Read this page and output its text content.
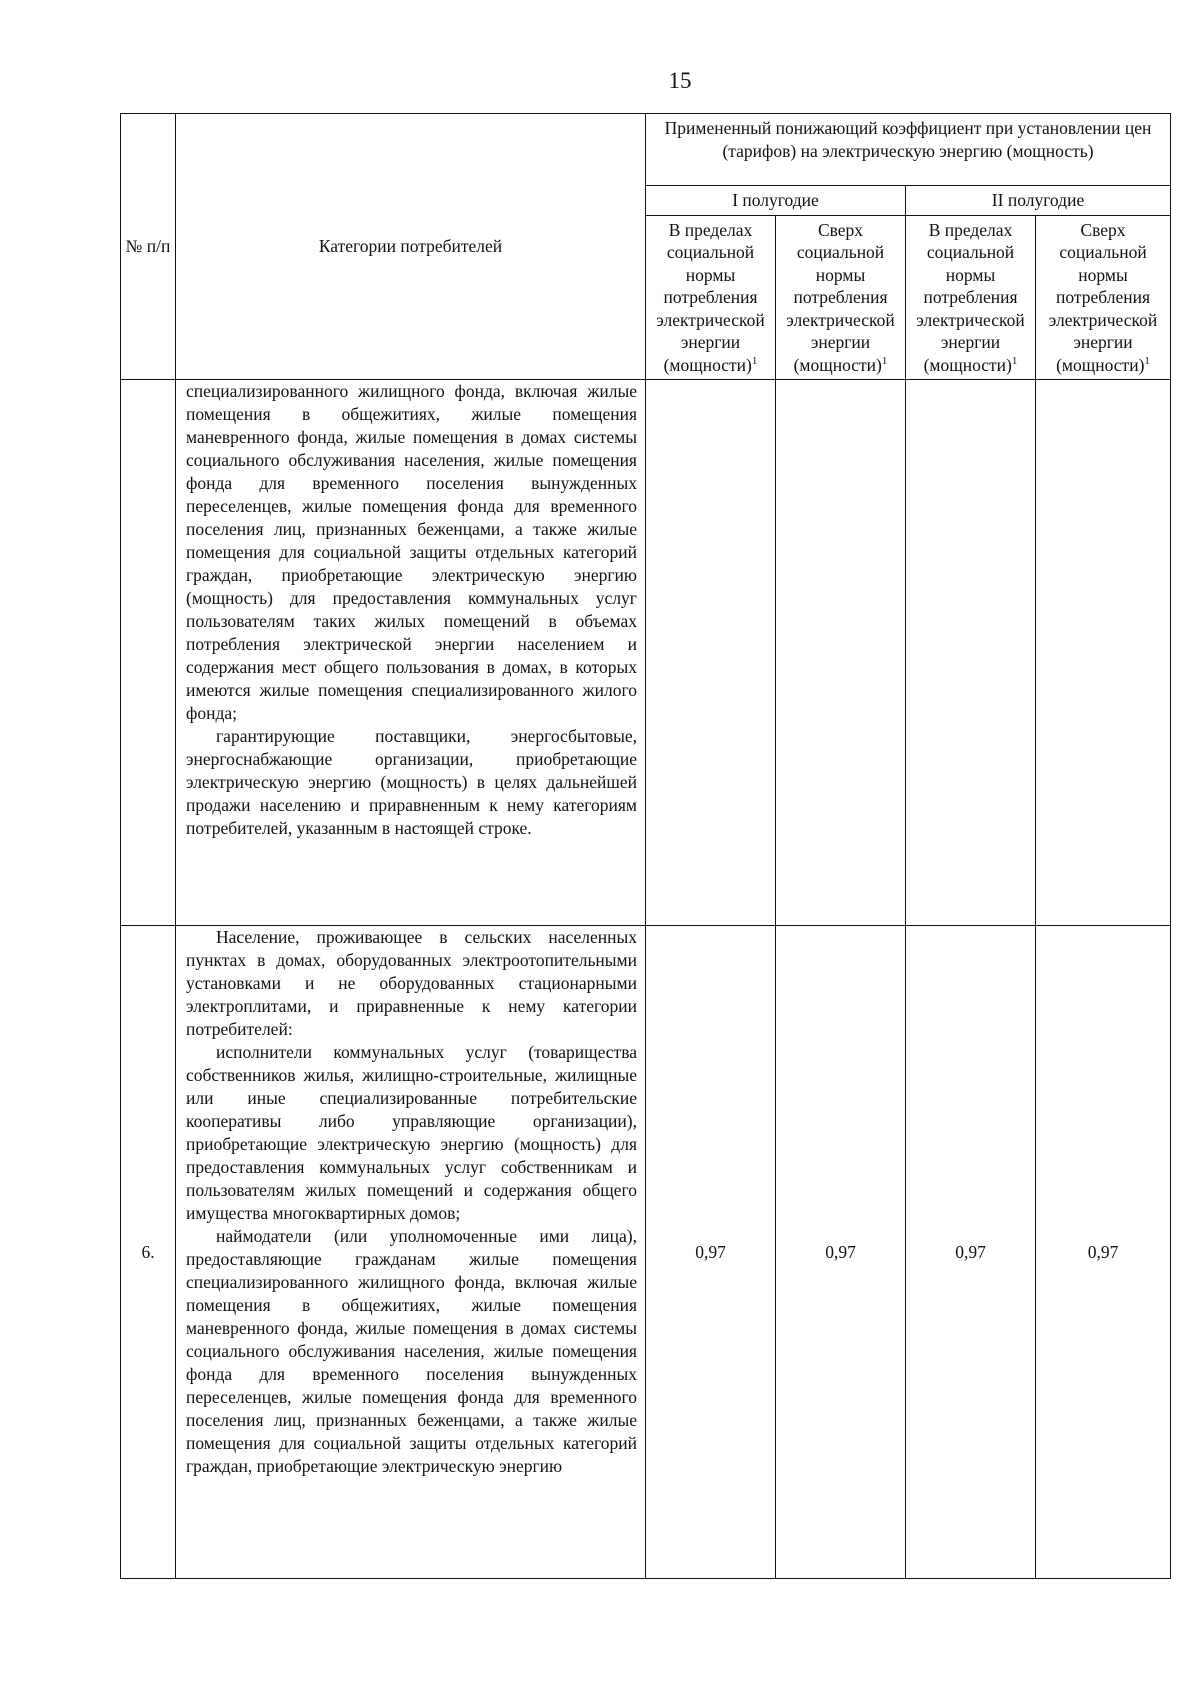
15
№ п/п	Категории потребителей	Примененный понижающий коэффициент при установлении цен (тарифов) на электрическую энергию (мощность)			
		I полугодие		II полугодие	
		В пределах социальной нормы потребления электрической энергии (мощности)$^1$	Сверх социальной нормы потребления электрической энергии (мощности)$^1$	В пределах социальной нормы потребления электрической энергии (мощности)$^1$	Сверх социальной нормы потребления электрической энергии (мощности)$^1$

	специализированного жилищного фонда, включая жилые помещения в общежитиях, жилые помещения маневренного фонда, жилые помещения в домах системы социального обслуживания населения, жилые помещения фонда для временного поселения вынужденных переселенцев, жилые помещения фонда для временного поселения лиц, признанных беженцами, а также жилые помещения для социальной защиты отдельных категорий граждан, приобретающие электрическую энергию (мощность) для предоставления коммунальных услуг пользователям таких жилых помещений в объемах потребления электрической энергии населением и содержания мест общего пользования в домах, в которых имеются жилые помещения специализированного жилого фонда;

гарантирующие поставщики, энергосбытовые, энергоснабжающие организации, приобретающие электрическую энергию (мощность) в целях дальнейшей продажи населению и приравненным к нему категориям потребителей, указанным в настоящей строке.				

6.	Население, проживающее в сельских населенных пунктах в домах, оборудованных электроотопительными установками и не оборудованных стационарными электроплитами, и приравненные к нему категории потребителей:

исполнители коммунальных услуг (товарищества собственников жилья, жилищно-строительные, жилищные или иные специализированные потребительские кооперативы либо управляющие организации), приобретающие электрическую энергию (мощность) для предоставления коммунальных услуг собственникам и пользователям жилых помещений и содержания общего имущества многоквартирных домов;

наймодатели (или уполномоченные ими лица), предоставляющие гражданам жилые помещения специализированного жилищного фонда, включая жилые помещения в общежитиях, жилые помещения маневренного фонда, жилые помещения в домах системы социального обслуживания населения, жилые помещения фонда для временного поселения вынужденных переселенцев, жилые помещения фонда для временного поселения лиц, признанных беженцами, а также жилые помещения для социальной защиты отдельных категорий граждан, приобретающие электрическую энергию	0,97	0,97	0,97	0,97
